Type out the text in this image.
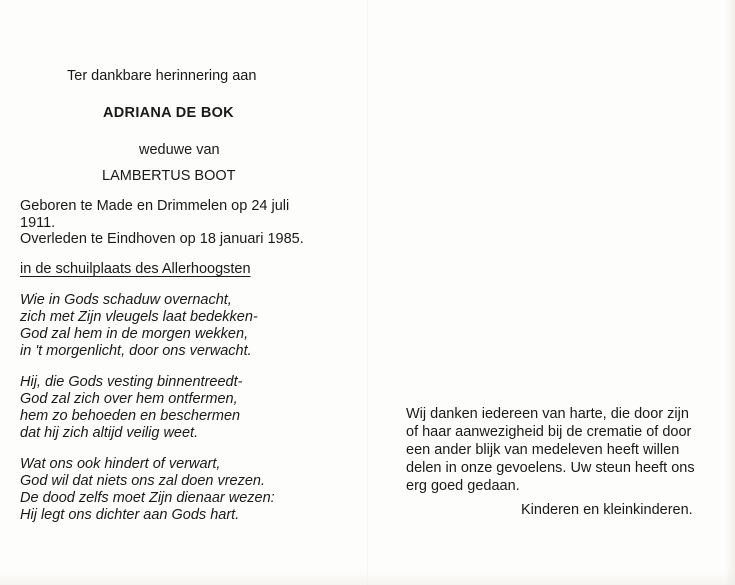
Ter dankbare herinnering aan
ADRIANA DE BOK
weduwe van
LAMBERTUS BOOT
Geboren te Made en Drimmelen op 24 juli
1911.
Overleden te Eindhoven op 18 januari 1985.
in de schuilplaats des Allerhoogsten
Wie in Gods schaduw overnacht,
zich met Zijn vleugels laat bedekken-
God zal hem in de morgen wekken,
in 't morgenlicht, door ons verwacht.
Hij, die Gods vesting binnentreedt-
God zal zich over hem ontfermen,
hem zo behoeden en beschermen
dat hij zich altijd veilig weet.
Wat ons ook hindert of verwart,
God wil dat niets ons zal doen vrezen.
De dood zelfs moet Zijn dienaar wezen:
Hij legt ons dichter aan Gods hart.
Wij danken iedereen van harte, die door zijn
of haar aanwezigheid bij de crematie of door
een ander blijk van medeleven heeft willen
delen in onze gevoelens. Uw steun heeft ons
erg goed gedaan.
Kinderen en kleinkinderen.
